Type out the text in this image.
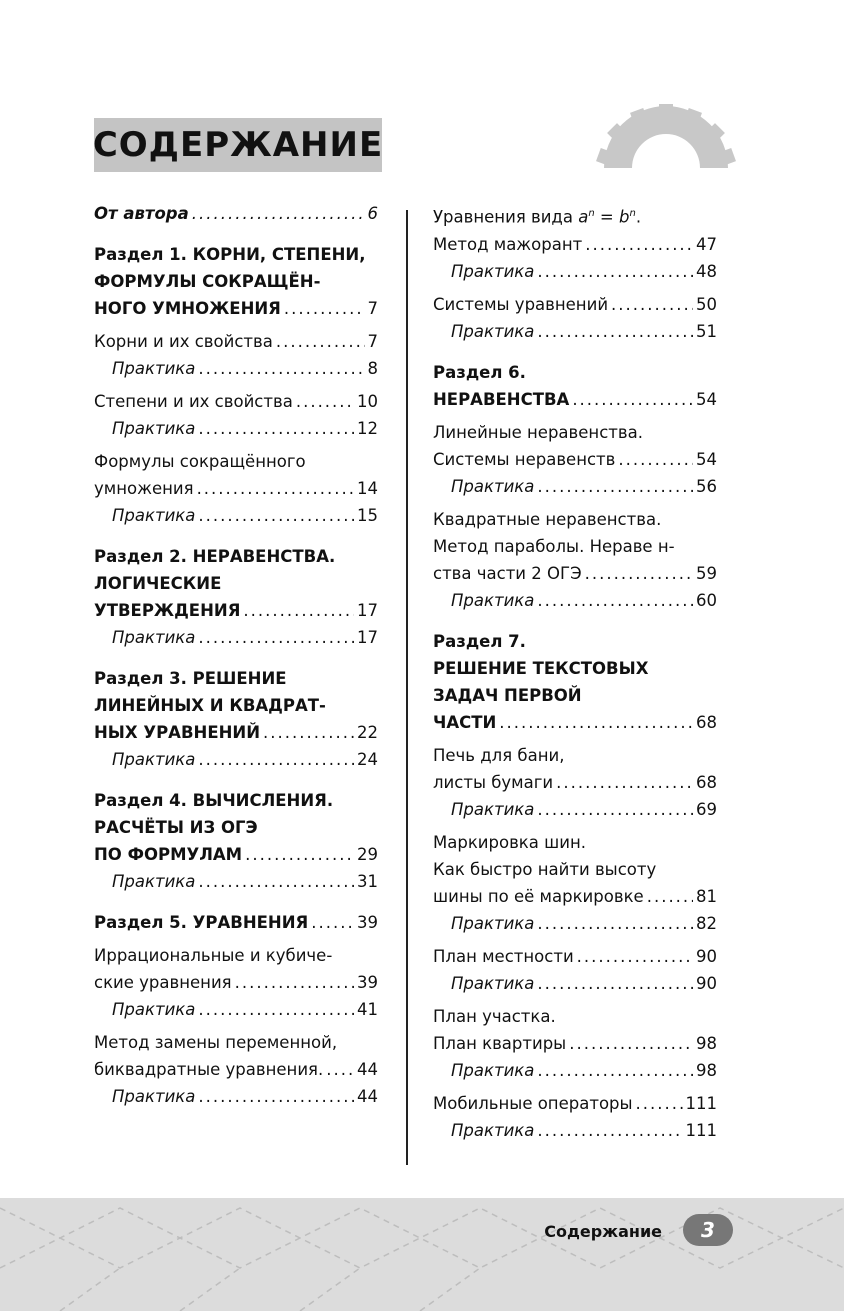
СОДЕРЖАНИЕ
От автора .....	6
Раздел 1. КОРНИ, СТЕПЕНИ,
ФОРМУЛЫ СОКРАЩЁН-
НОГО УМНОЖЕНИЯ .....	7
Корни и их свойства .....	7
Практика .....	8
Степени и их свойства .....	10
Практика .....	12
Формулы сокращённого
умножения .....	14
Практика .....	15
Раздел 2. НЕРАВЕНСТВА.
ЛОГИЧЕСКИЕ
УТВЕРЖДЕНИЯ .....	17
Практика .....	17
Раздел 3. РЕШЕНИЕ
ЛИНЕЙНЫХ И КВАДРАТ-
НЫХ УРАВНЕНИЙ .....	22
Практика .....	24
Раздел 4. ВЫЧИСЛЕНИЯ.
РАСЧЁТЫ ИЗ ОГЭ
ПО ФОРМУЛАМ .....	29
Практика .....	31
Раздел 5. УРАВНЕНИЯ .....	39
Иррациональные и кубиче-
ские уравнения .....	39
Практика .....	41
Метод замены переменной,
биквадратные уравнения. ..... 44
Практика .....	44
Уравнения вида $a^n = b^n$.
Метод мажорант .....	47
Практика .....	48
Системы уравнений .....	50
Практика .....	51
Раздел 6.
НЕРАВЕНСТВА .....	54
Линейные неравенства.
Системы неравенств .....	54
Практика .....	56
Квадратные неравенства.
Метод параболы. Нераве н-
ства части 2 ОГЭ .....	59
Практика .....	60
Раздел 7.
РЕШЕНИЕ ТЕКСТОВЫХ
ЗАДАЧ ПЕРВОЙ
ЧАСТИ .....	68
Печь для бани,
листы бумаги .....	68
Практика .....	69
Маркировка шин.
Как быстро найти высоту
шины по её маркировке .....	81
Практика .....	82
План местности .....	90
Практика .....	90
План участка.
План квартиры .....	98
Практика .....	98
Мобильные операторы .....	111
Практика .....	111
Содержание	3
